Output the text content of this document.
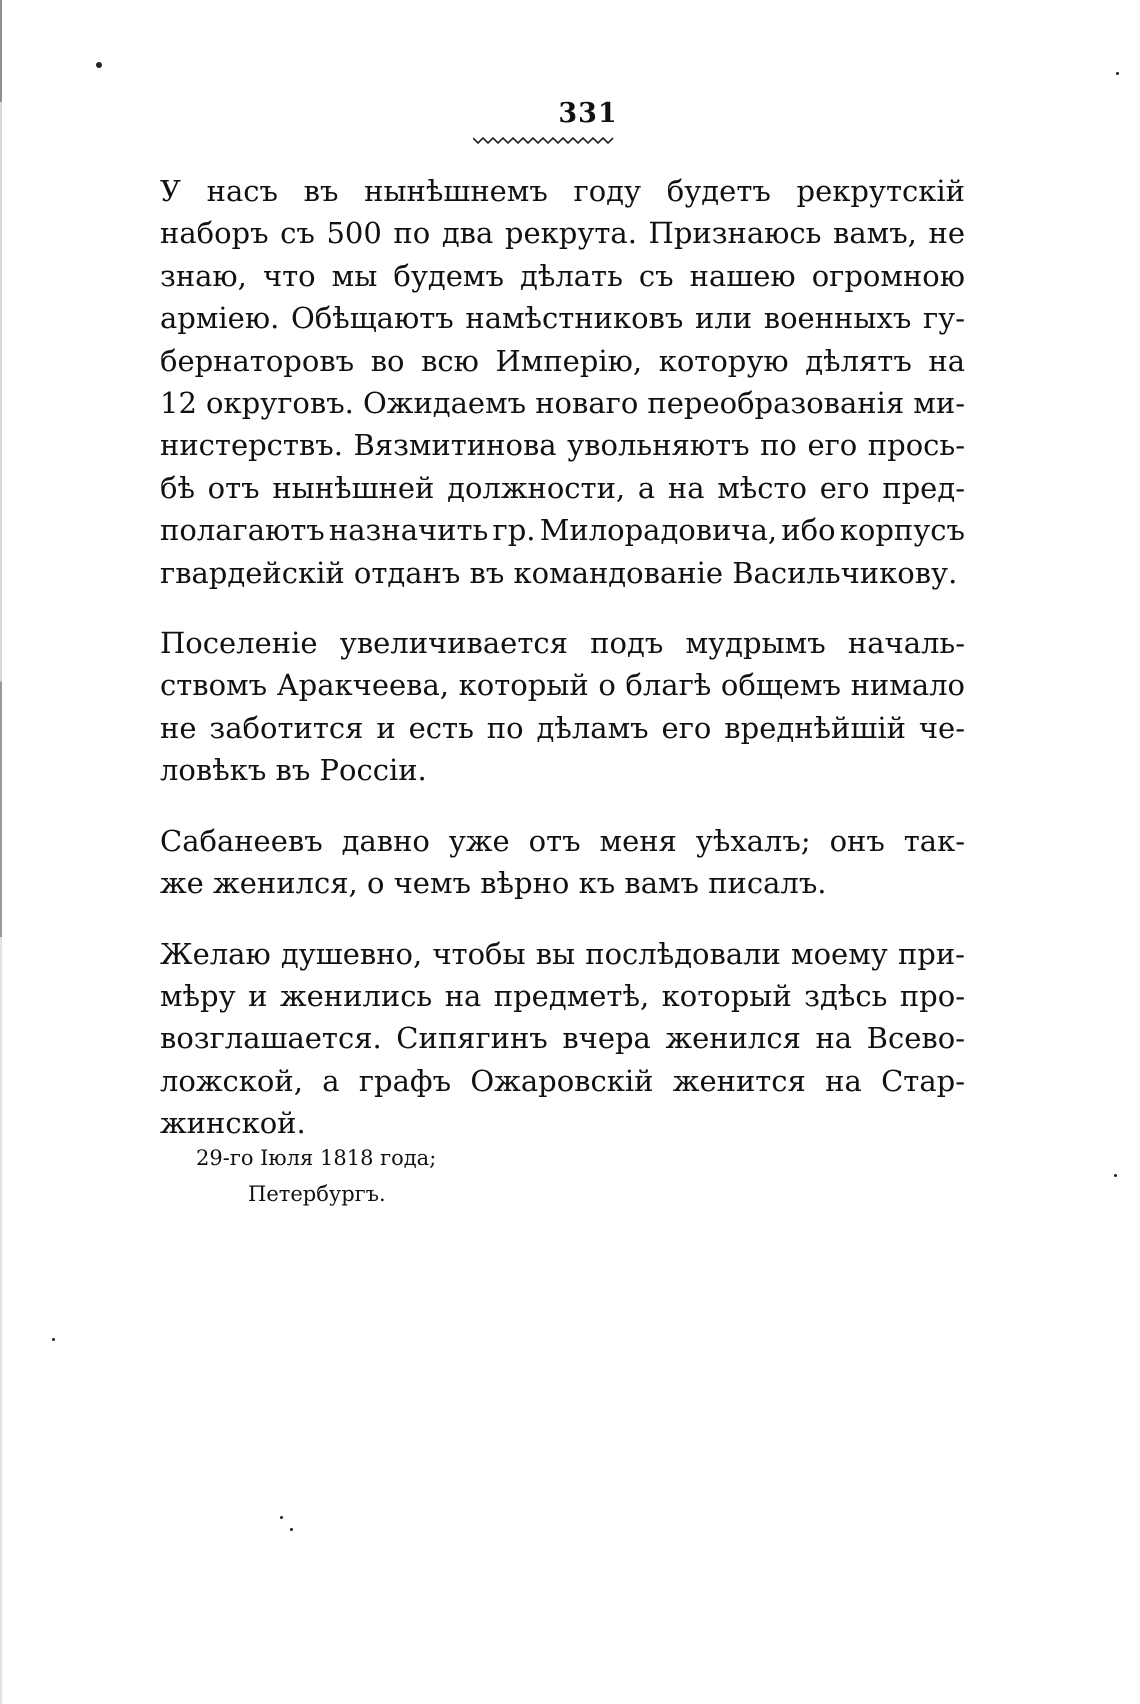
331
У насъ въ нынѣшнемъ году будетъ рекрутскій
наборъ съ 500 по два рекрута. Признаюсь вамъ, не
знаю, что мы будемъ дѣлать съ нашею огромною
арміею. Обѣщаютъ намѣстниковъ или военныхъ гу-
бернаторовъ во всю Имперію, которую дѣлятъ на
12 округовъ. Ожидаемъ новаго переобразованія ми-
нистерствъ. Вязмитинова увольняютъ по его прось-
бѣ отъ нынѣшней должности, а на мѣсто его пред-
полагаютъ назначить гр. Милорадовича, ибо корпусъ
гвардейскій отданъ въ командованіе Васильчикову.
Поселеніе увеличивается подъ мудрымъ началь-
ствомъ Аракчеева, который о благѣ общемъ нимало
не заботится и есть по дѣламъ его вреднѣйшій че-
ловѣкъ въ Россіи.
Сабанеевъ давно уже отъ меня уѣхалъ; онъ так-
же женился, о чемъ вѣрно къ вамъ писалъ.
Желаю душевно, чтобы вы послѣдовали моему при-
мѣру и женились на предметѣ, который здѣсь про-
возглашается. Сипягинъ вчера женился на Всево-
ложской, а графъ Ожаровскій женится на Стар-
жинской.
29-го Іюля 1818 года;
Петербургъ.
